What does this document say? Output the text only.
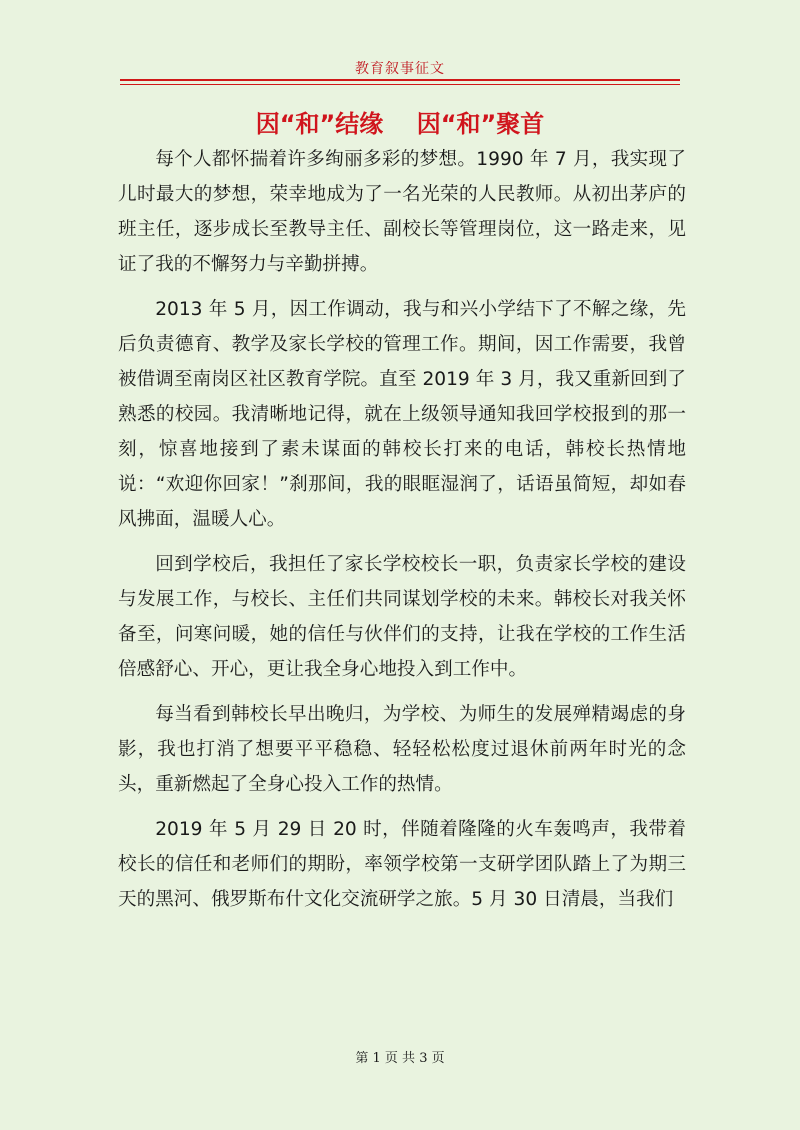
教育叙事征文
因“和”结缘    因“和”聚首

每个人都怀揣着许多绚丽多彩的梦想。1990 年 7 月，我实现了儿时最大的梦想，荣幸地成为了一名光荣的人民教师。从初出茅庐的班主任，逐步成长至教导主任、副校长等管理岗位，这一路走来，见证了我的不懈努力与辛勤拼搏。

2013 年 5 月，因工作调动，我与和兴小学结下了不解之缘，先后负责德育、教学及家长学校的管理工作。期间，因工作需要，我曾被借调至南岗区社区教育学院。直至 2019 年 3 月，我又重新回到了熟悉的校园。我清晰地记得，就在上级领导通知我回学校报到的那一刻，惊喜地接到了素未谋面的韩校长打来的电话，韩校长热情地说：“欢迎你回家！”刹那间，我的眼眶湿润了，话语虽简短，却如春风拂面，温暖人心。

回到学校后，我担任了家长学校校长一职，负责家长学校的建设与发展工作，与校长、主任们共同谋划学校的未来。韩校长对我关怀备至，问寒问暖，她的信任与伙伴们的支持，让我在学校的工作生活倍感舒心、开心，更让我全身心地投入到工作中。

每当看到韩校长早出晚归，为学校、为师生的发展殚精竭虑的身影，我也打消了想要平平稳稳、轻轻松松度过退休前两年时光的念头，重新燃起了全身心投入工作的热情。

2019 年 5 月 29 日 20 时，伴随着隆隆的火车轰鸣声，我带着校长的信任和老师们的期盼，率领学校第一支研学团队踏上了为期三天的黑河、俄罗斯布什文化交流研学之旅。5 月 30 日清晨，当我们

第 1 页 共 3 页
